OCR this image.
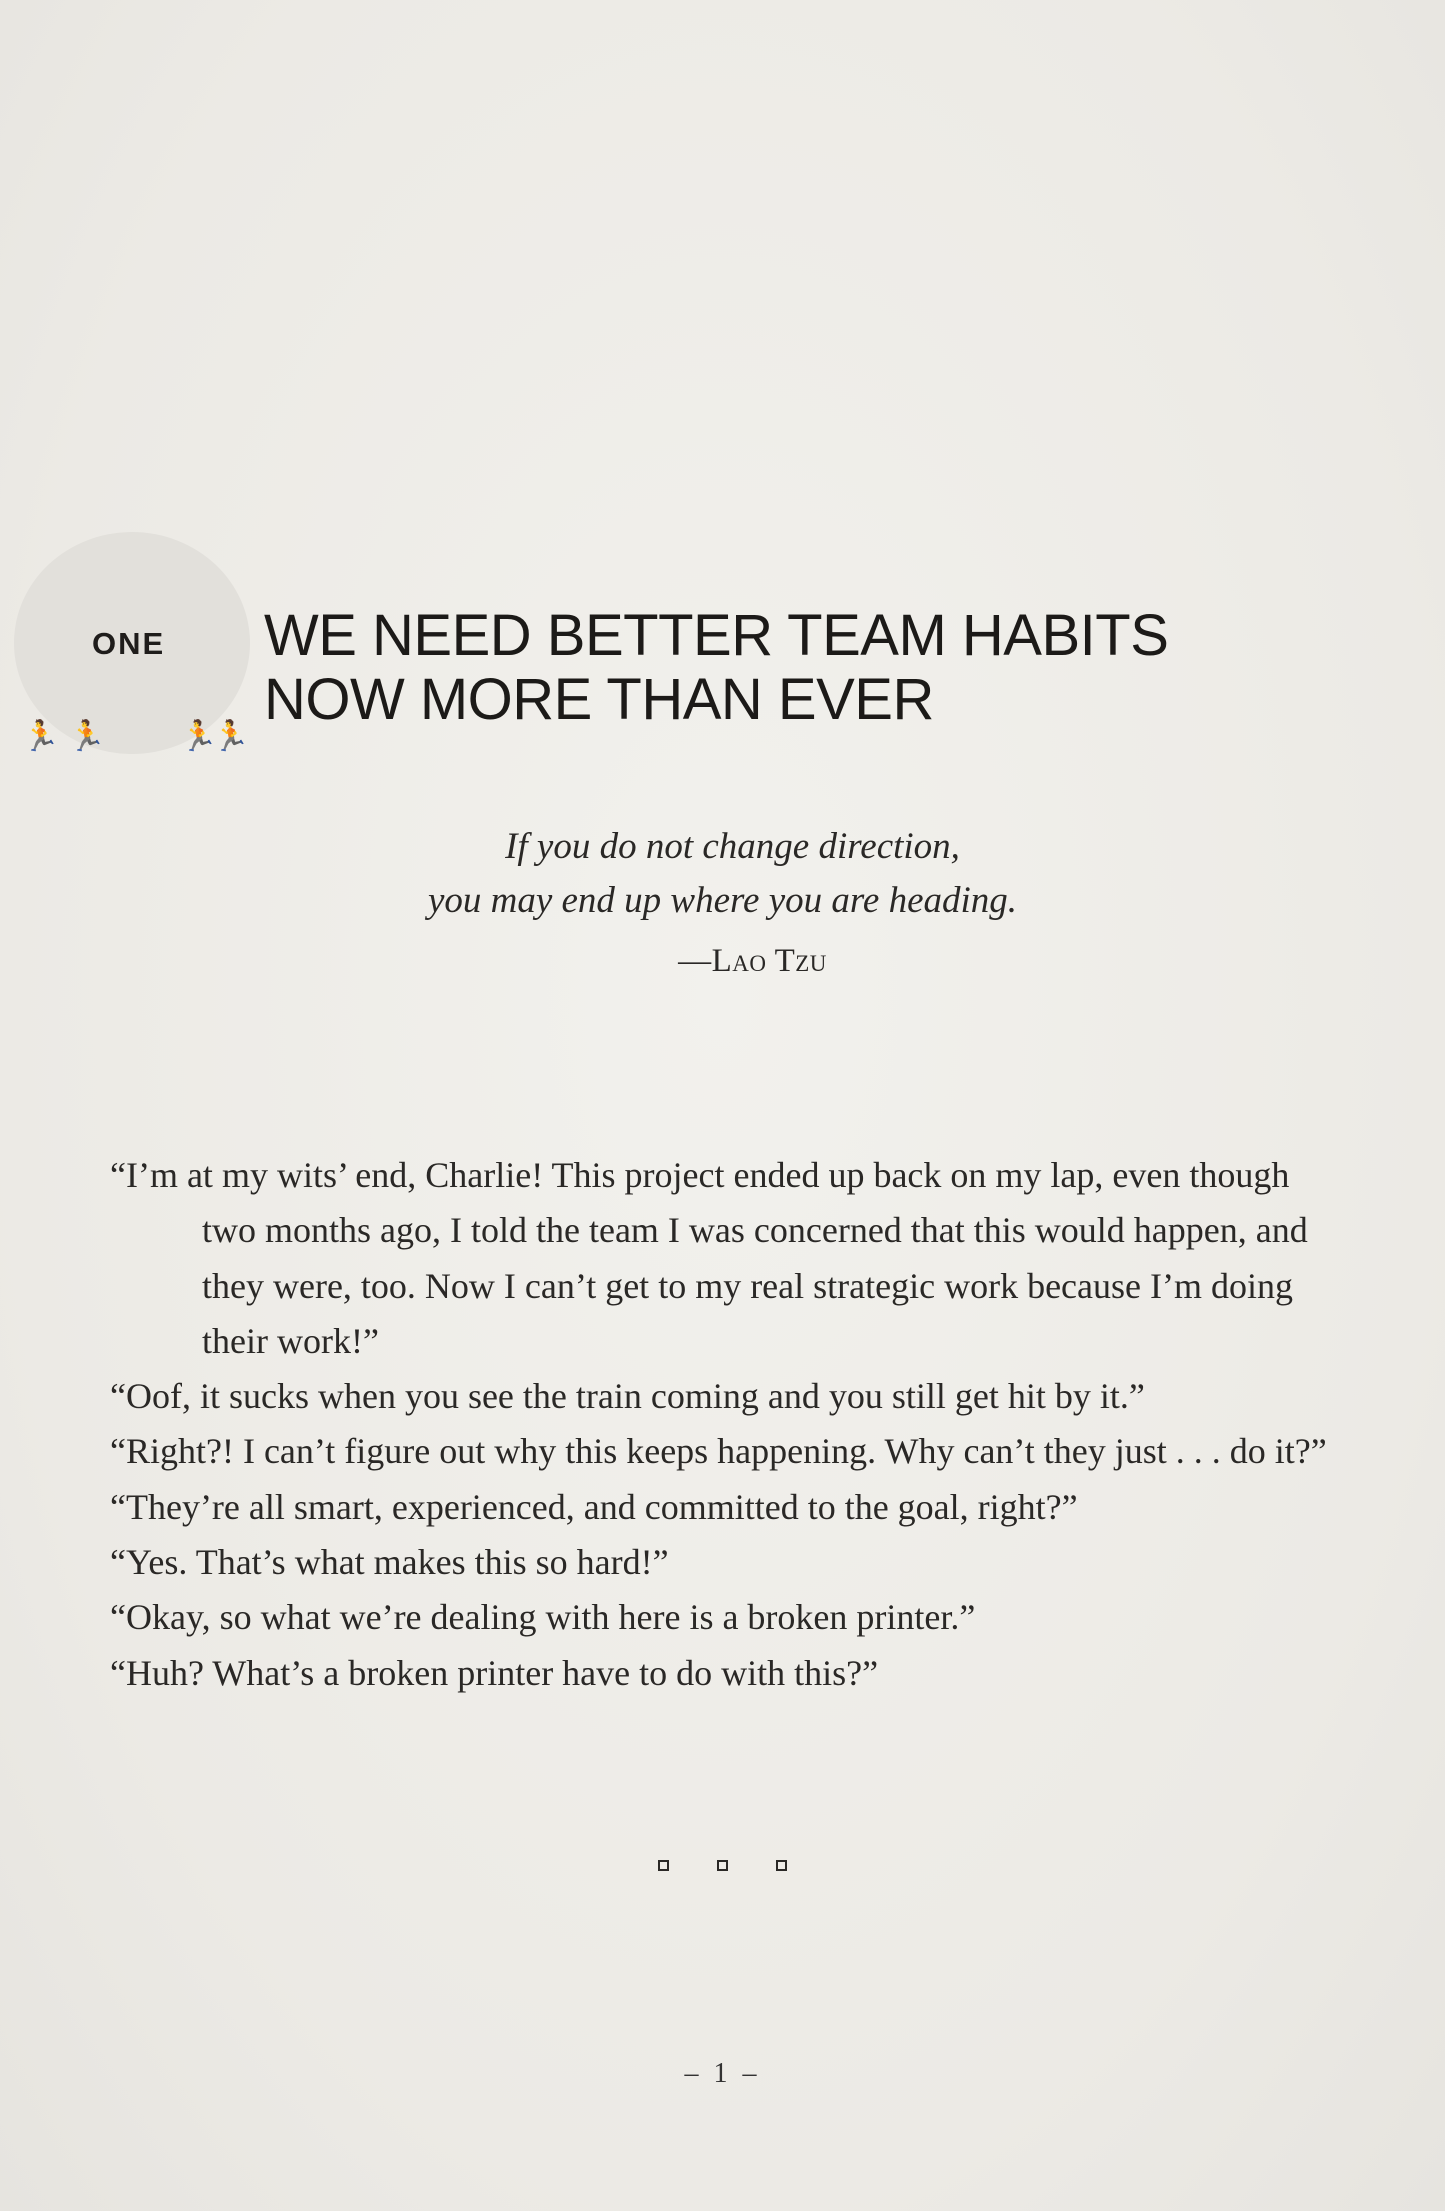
ONE
🏃 🏃 🏃
🏃
WE NEED BETTER TEAM HABITS
NOW MORE THAN EVER
If you do not change direction,
you may end up where you are heading.
—Lao Tzu
“I’m at my wits’ end, Charlie! This project ended up back on my lap, even though two months ago, I told the team I was concerned that this would happen, and they were, too. Now I can’t get to my real strategic work because I’m doing their work!”
“Oof, it sucks when you see the train coming and you still get hit by it.”
“Right?! I can’t figure out why this keeps happening. Why can’t they just . . . do it?”
“They’re all smart, experienced, and committed to the goal, right?”
“Yes. That’s what makes this so hard!”
“Okay, so what we’re dealing with here is a broken printer.”
“Huh? What’s a broken printer have to do with this?”
– 1 –
